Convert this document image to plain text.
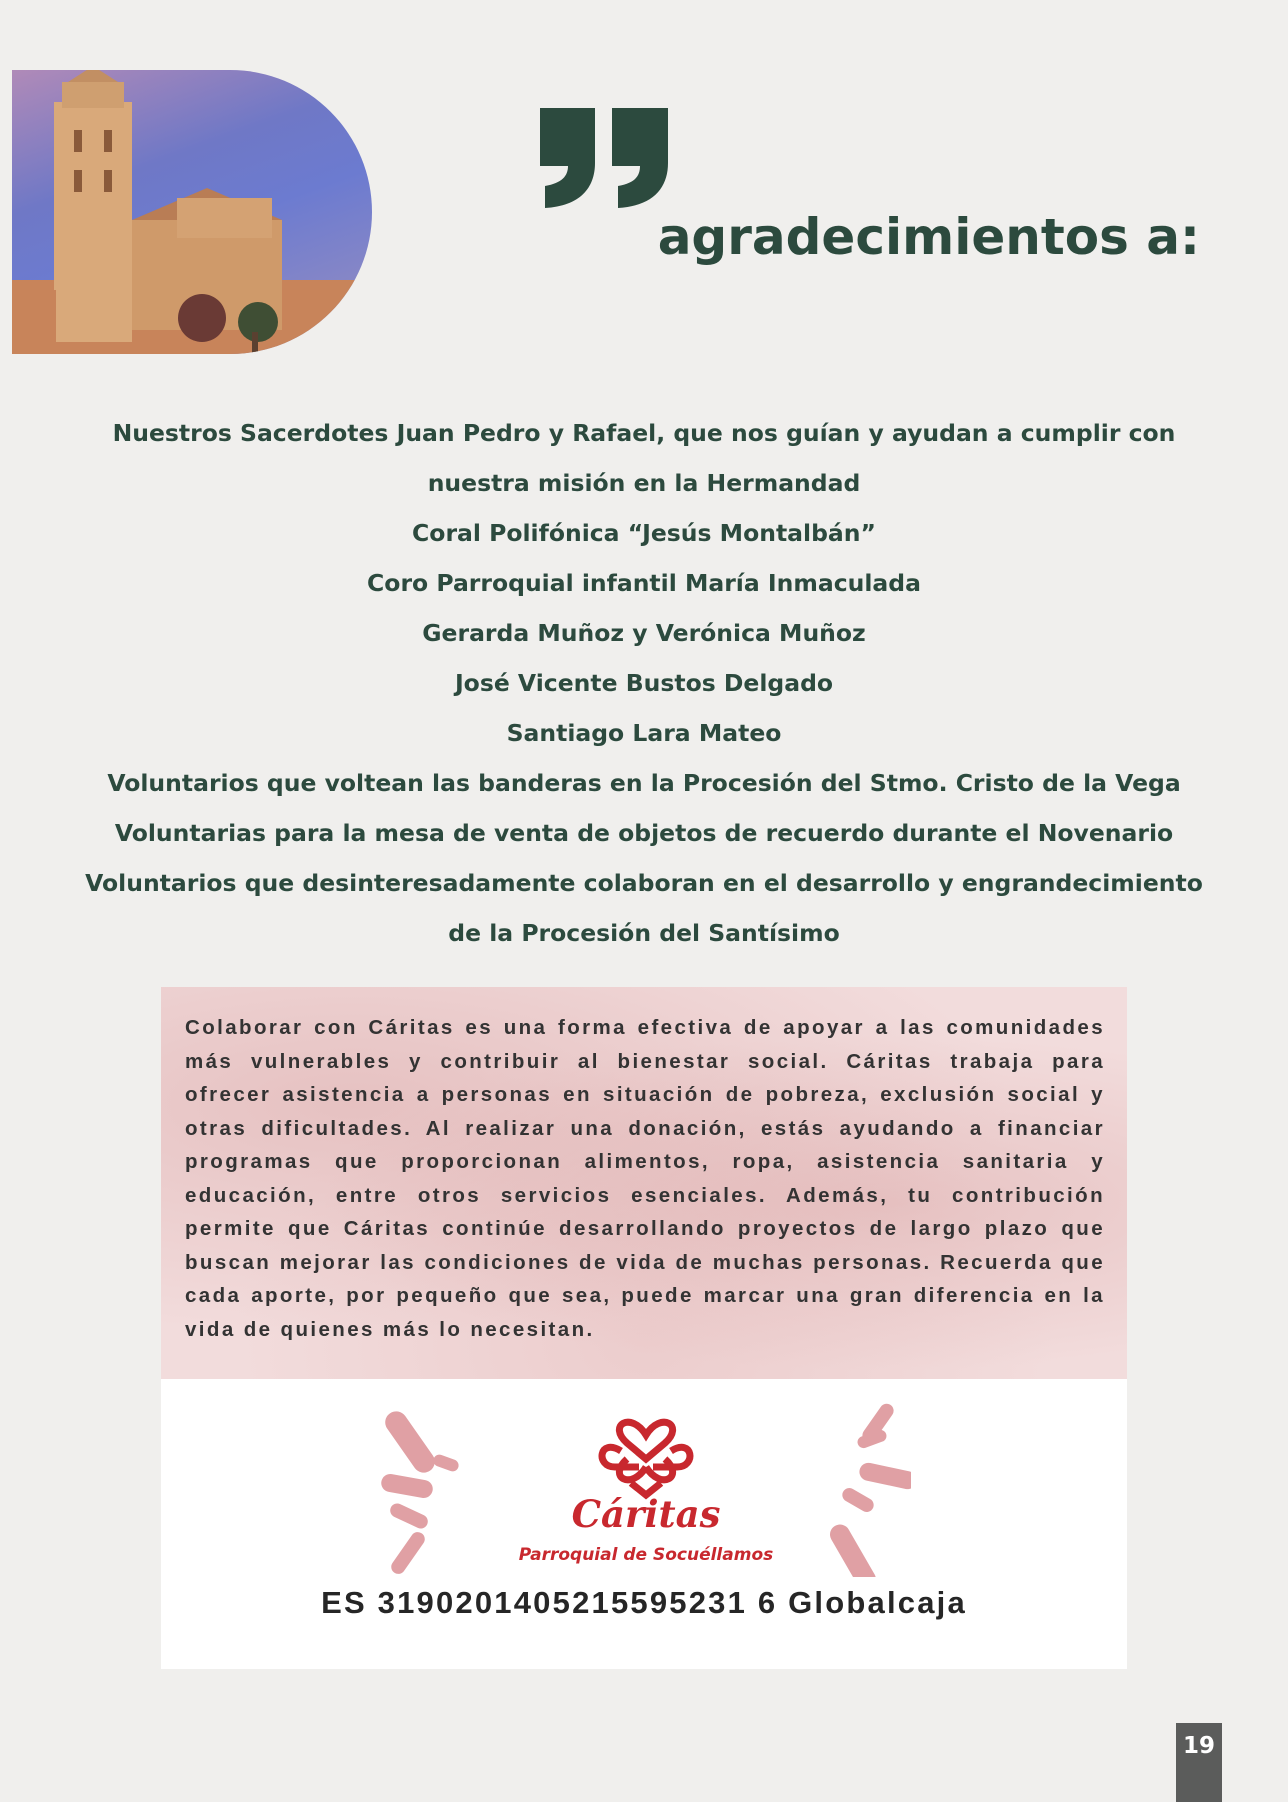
agradecimientos a:
Nuestros Sacerdotes Juan Pedro y Rafael, que nos guían y ayudan a cumplir con
nuestra misión en la Hermandad
Coral Polifónica “Jesús Montalbán”
Coro Parroquial infantil María Inmaculada
Gerarda Muñoz y Verónica Muñoz
José Vicente Bustos Delgado
Santiago Lara Mateo
Voluntarios que voltean las banderas en la Procesión del Stmo. Cristo de la Vega
Voluntarias para la mesa de venta de objetos de recuerdo durante el Novenario
Voluntarios que desinteresadamente colaboran en el desarrollo y engrandecimiento
de la Procesión del Santísimo

Colaborar con Cáritas es una forma efectiva de apoyar a las comunidades más vulnerables y contribuir al bienestar social. Cáritas trabaja para ofrecer asistencia a personas en situación de pobreza, exclusión social y otras dificultades. Al realizar una donación, estás ayudando a financiar programas que proporcionan alimentos, ropa, asistencia sanitaria y educación, entre otros servicios esenciales. Además, tu contribución permite que Cáritas continúe desarrollando proyectos de largo plazo que buscan mejorar las condiciones de vida de muchas personas. Recuerda que cada aporte, por pequeño que sea, puede marcar una gran diferencia en la vida de quienes más lo necesitan.

Cáritas
Parroquial de Socuéllamos
ES 3190201405215595231 6 Globalcaja
19
